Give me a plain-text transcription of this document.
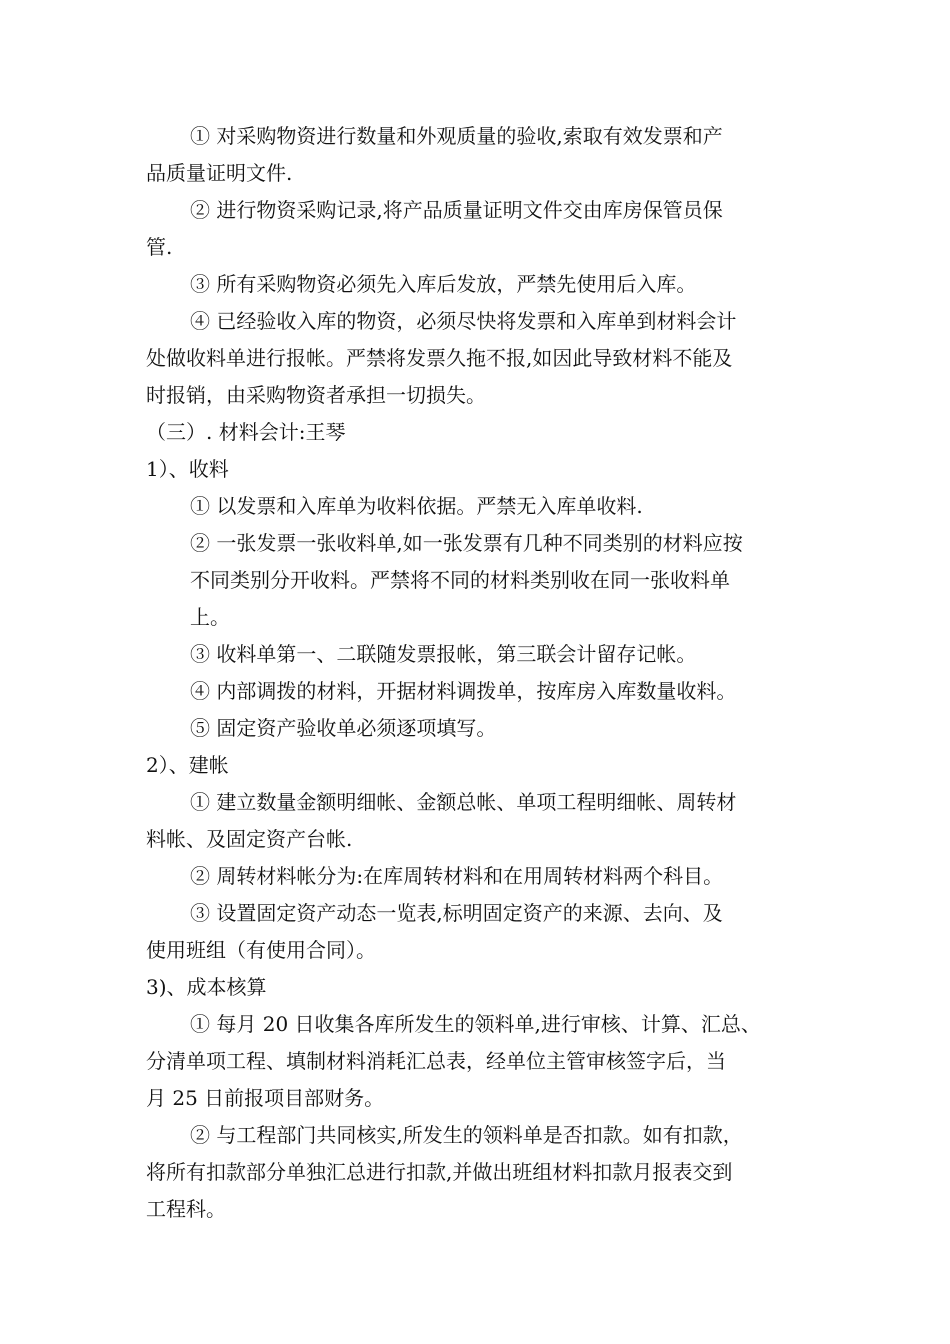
① 对采购物资进行数量和外观质量的验收,索取有效发票和产
品质量证明文件.
② 进行物资采购记录,将产品质量证明文件交由库房保管员保
管.
③ 所有采购物资必须先入库后发放，严禁先使用后入库。
④ 已经验收入库的物资，必须尽快将发票和入库单到材料会计
处做收料单进行报帐。严禁将发票久拖不报,如因此导致材料不能及
时报销，由采购物资者承担一切损失。
（三）. 材料会计:王琴
1）、收料
① 以发票和入库单为收料依据。严禁无入库单收料.
② 一张发票一张收料单,如一张发票有几种不同类别的材料应按
不同类别分开收料。严禁将不同的材料类别收在同一张收料单
上。
③ 收料单第一、二联随发票报帐，第三联会计留存记帐。
④ 内部调拨的材料，开据材料调拨单，按库房入库数量收料。
⑤ 固定资产验收单必须逐项填写。
2）、建帐
① 建立数量金额明细帐、金额总帐、单项工程明细帐、周转材
料帐、及固定资产台帐.
② 周转材料帐分为:在库周转材料和在用周转材料两个科目。
③ 设置固定资产动态一览表,标明固定资产的来源、去向、及
使用班组（有使用合同）。
3)、成本核算
① 每月 20 日收集各库所发生的领料单,进行审核、计算、汇总、
分清单项工程、填制材料消耗汇总表，经单位主管审核签字后，当
月 25 日前报项目部财务。
② 与工程部门共同核实,所发生的领料单是否扣款。如有扣款，
将所有扣款部分单独汇总进行扣款,并做出班组材料扣款月报表交到
工程科。
